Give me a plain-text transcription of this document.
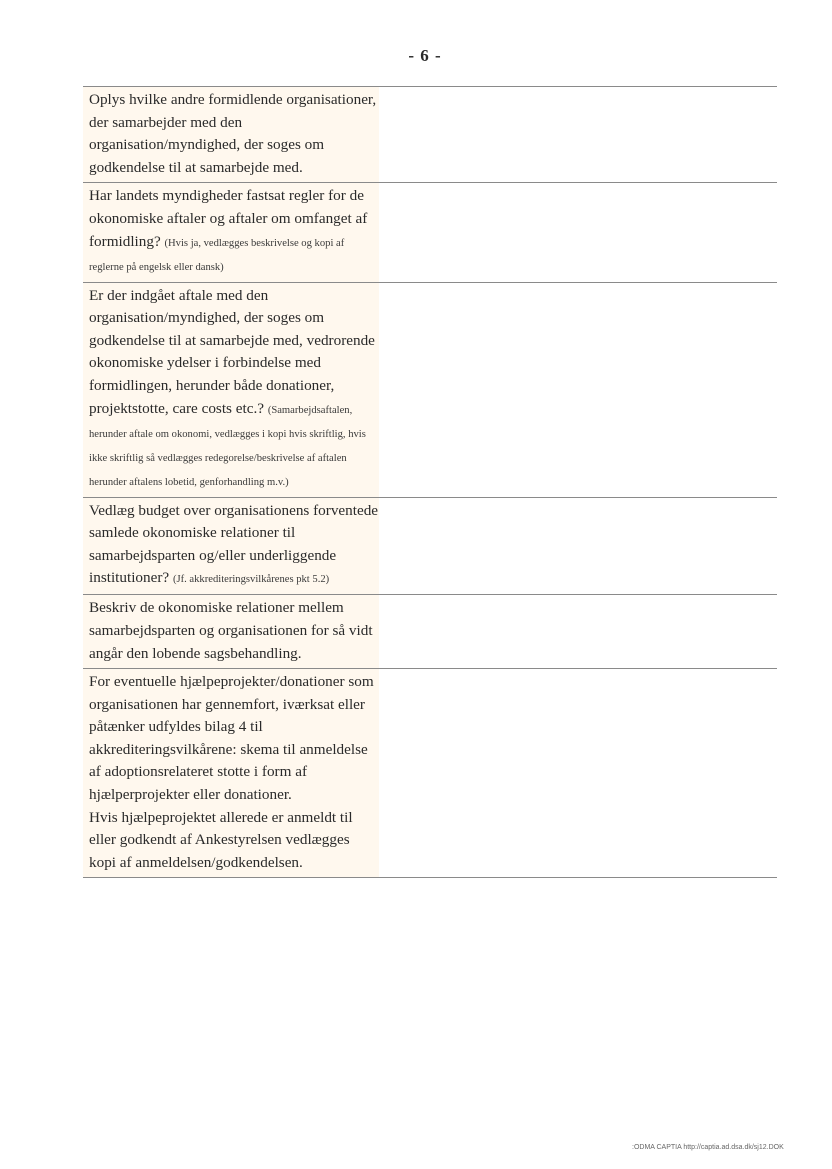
- 6 -
Oplys hvilke andre formidlende organisationer, der samarbejder med den organisation/myndighed, der soges om godkendelse til at samarbejde med.
Har landets myndigheder fastsat regler for de okonomiske aftaler og aftaler om omfanget af formidling? (Hvis ja, vedlægges beskrivelse og kopi af reglerne på engelsk eller dansk)
Er der indgået aftale med den organisation/myndighed, der soges om godkendelse til at samarbejde med, vedrorende okonomiske ydelser i forbindelse med formidlingen, herunder både donationer, projektstotte, care costs etc.? (Samarbejdsaftalen, herunder aftale om okonomi, vedlægges i kopi hvis skriftlig, hvis ikke skriftlig så vedlægges redegorelse/beskrivelse af aftalen herunder aftalens lobetid, genforhandling m.v.)
Vedlæg budget over organisationens forventede samlede okonomiske relationer til samarbejdsparten og/eller underliggende institutioner? (Jf. akkrediteringsvilkårenes pkt 5.2)
Beskriv de okonomiske relationer mellem samarbejdsparten og organisationen for så vidt angår den lobende sagsbehandling.
For eventuelle hjælpeprojekter/donationer som organisationen har gennemfort, iværksat eller påtænker udfyldes bilag 4 til akkrediteringsvilkårene: skema til anmeldelse af adoptionsrelateret stotte i form af hjælperprojekter eller donationer.
Hvis hjælpeprojektet allerede er anmeldt til eller godkendt af Ankestyrelsen vedlægges kopi af anmeldelsen/godkendelsen.
:ODMA CAPTIA http://captia.ad.dsa.dk/sj12.DOK
